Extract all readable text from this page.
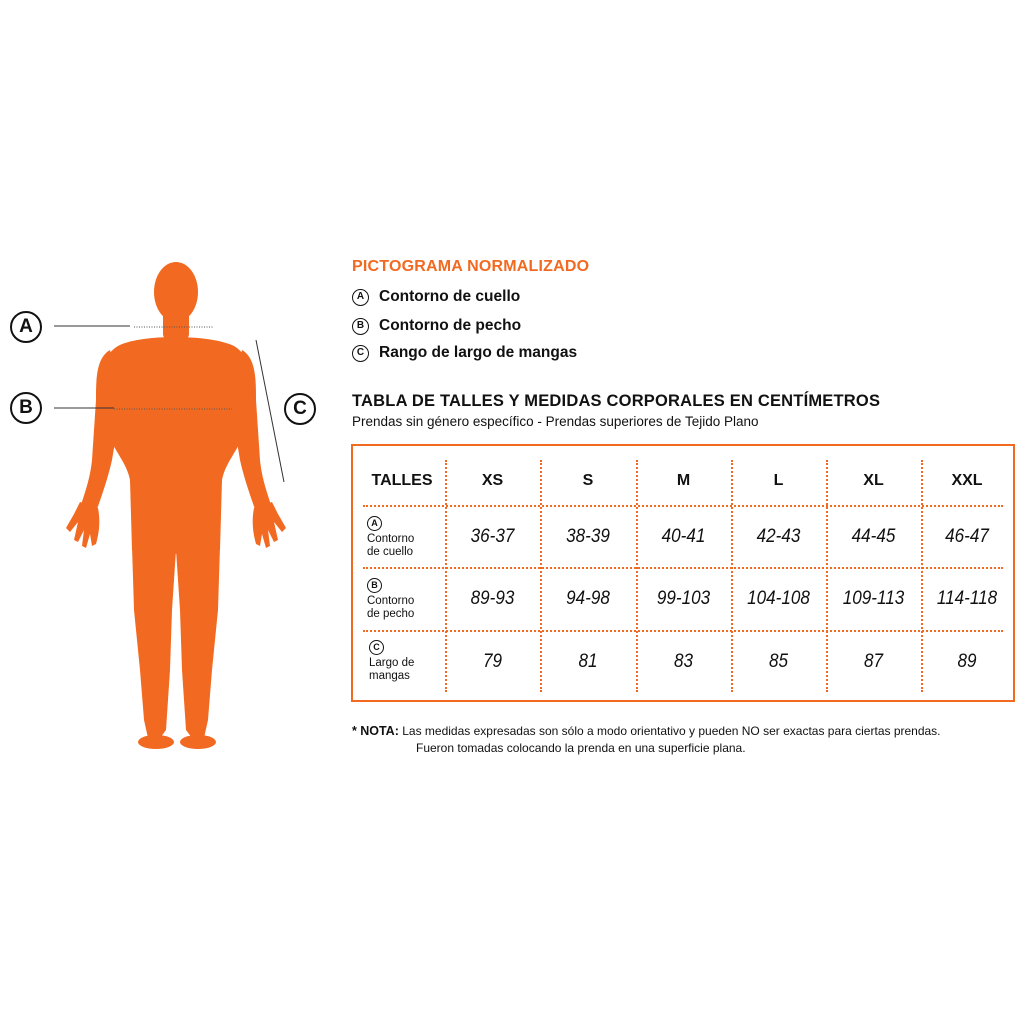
A
B	C
PICTOGRAMA NORMALIZADO
A Contorno de cuello
B Contorno de pecho
C Rango de largo de mangas
TABLA DE TALLES Y MEDIDAS CORPORALES EN CENTÍMETROS
Prendas sin género específico - Prendas superiores de Tejido Plano
TALLES	XS	S	M	L	XL	XXL
A
Contorno
de cuello
36-37	38-39	40-41	42-43	44-45	46-47
B
Contorno
de pecho
89-93	94-98	99-103	104-108	109-113	114-118
C
Largo de
mangas
79	81	83	85	87	89
* NOTA: Las medidas expresadas son sólo a modo orientativo y pueden NO ser exactas para ciertas prendas.
Fueron tomadas colocando la prenda en una superficie plana.
